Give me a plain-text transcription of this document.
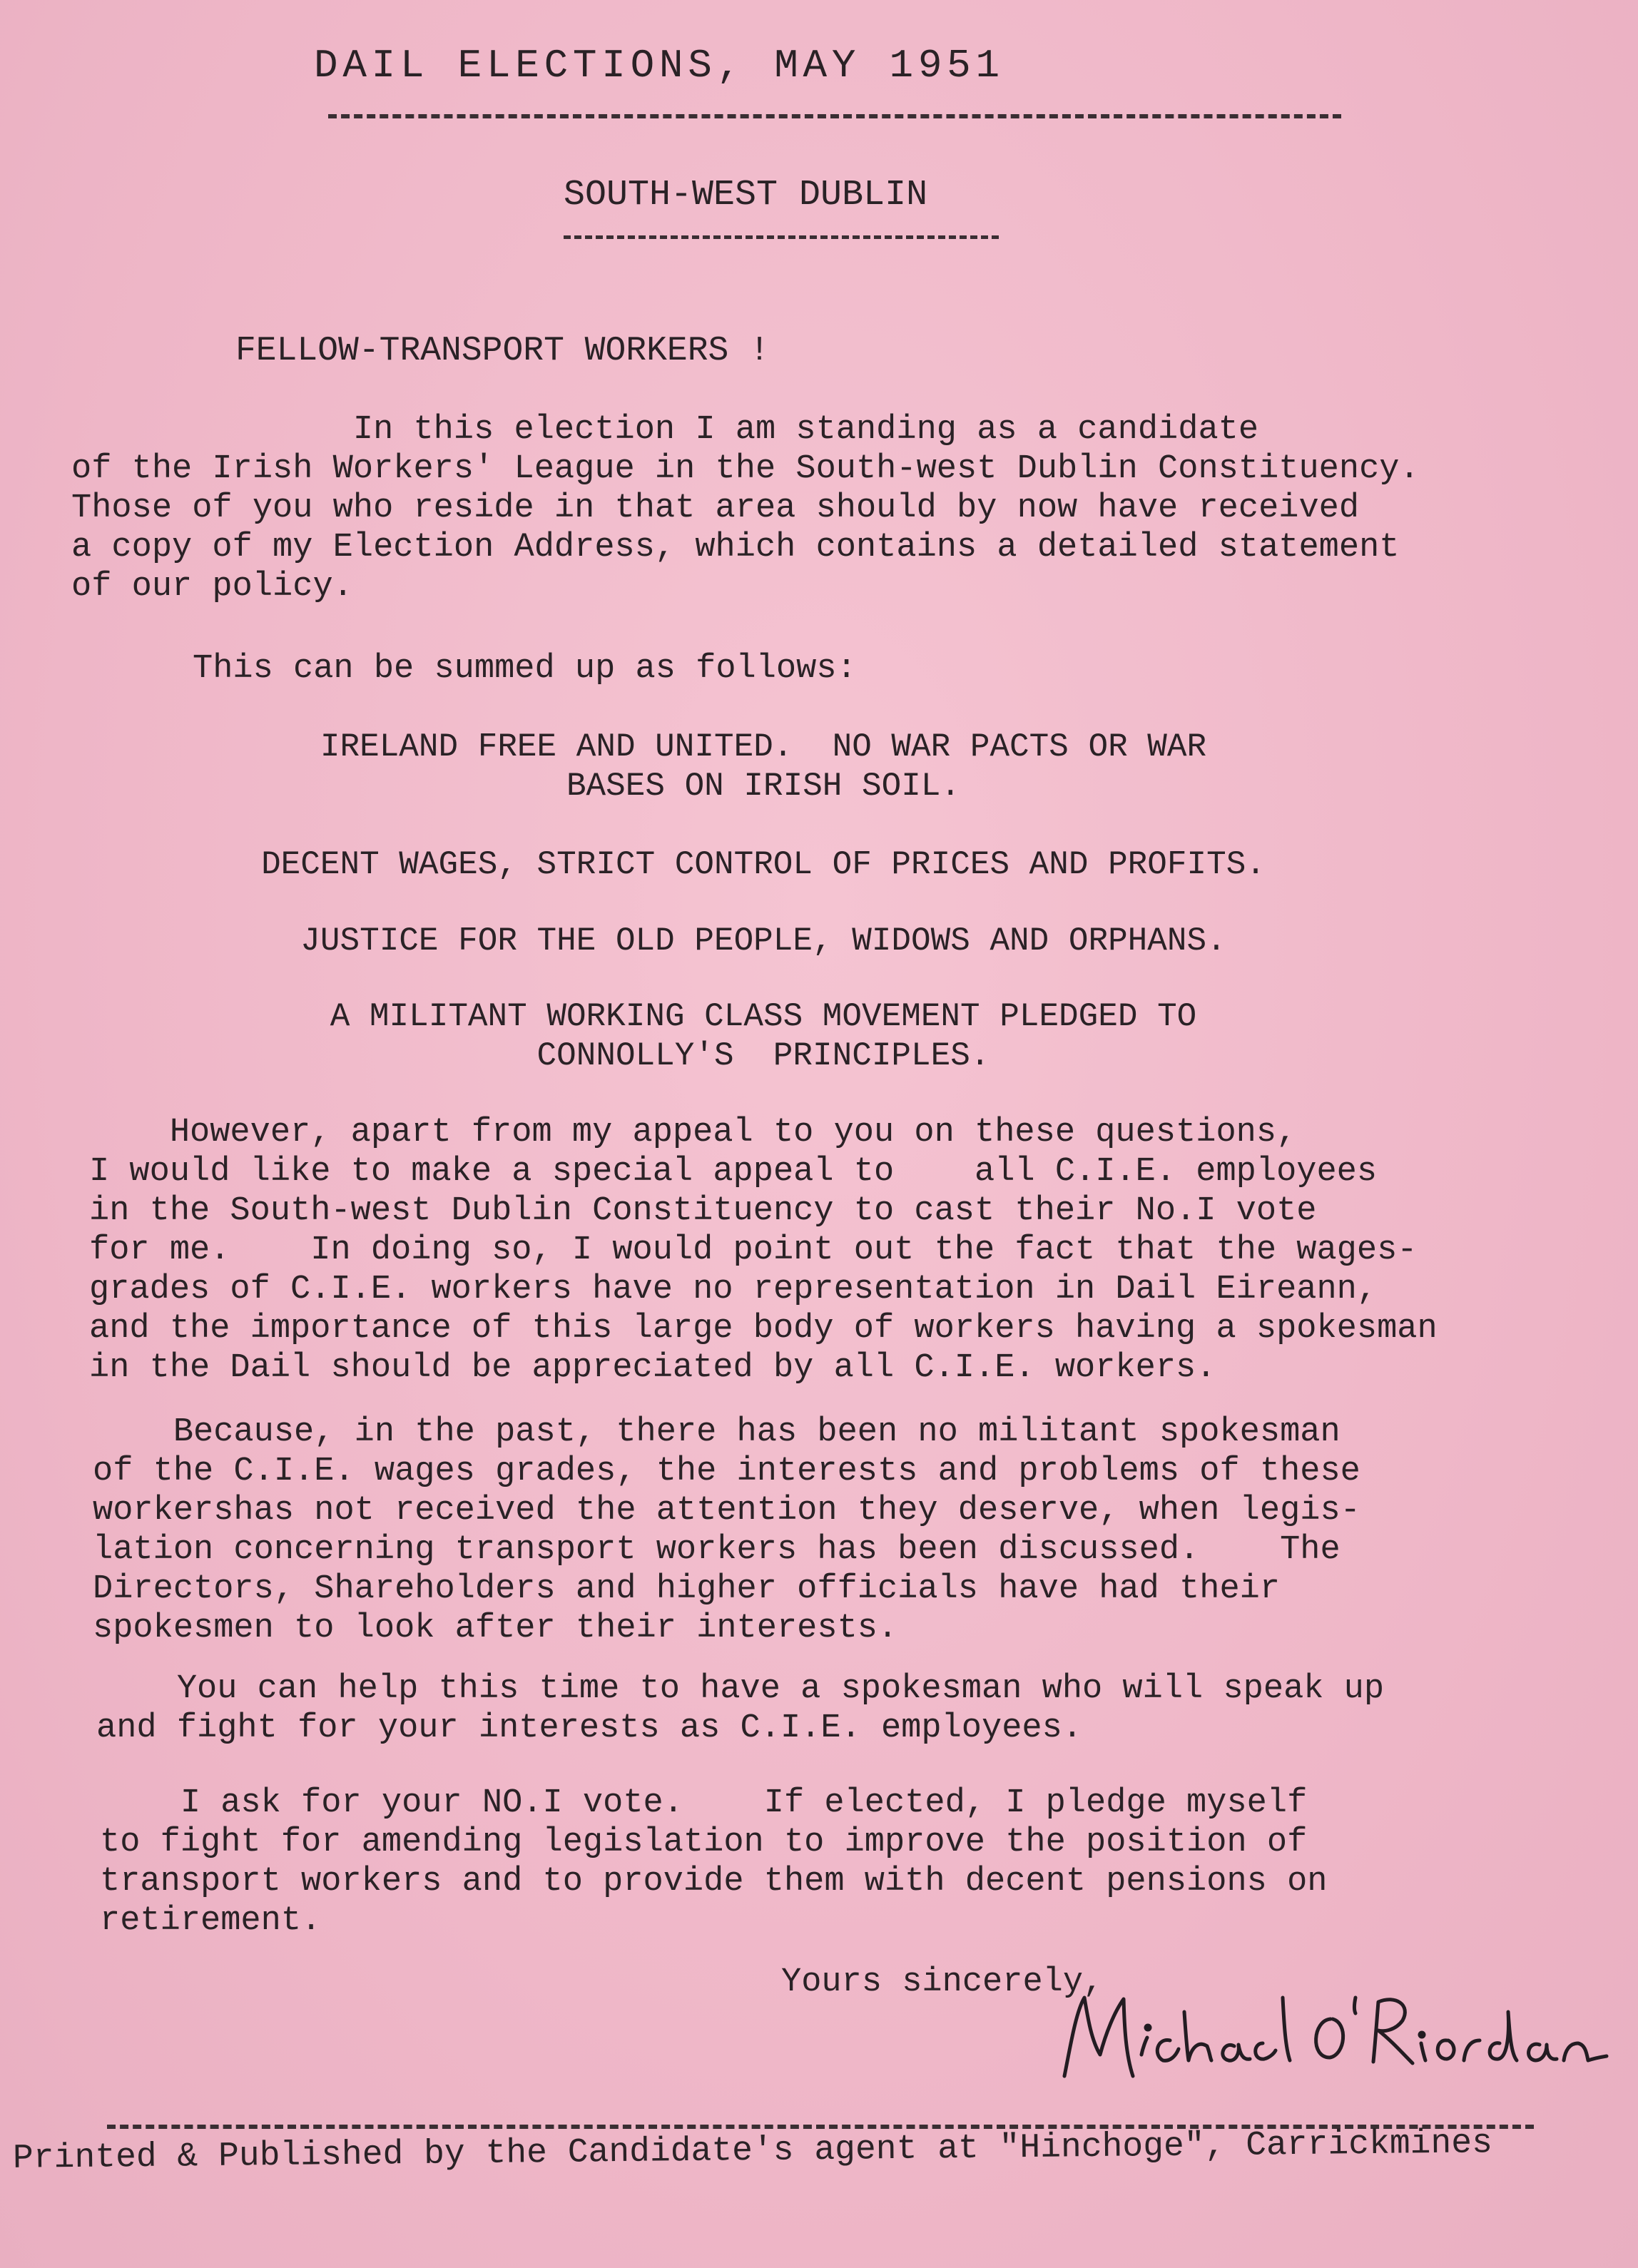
DAIL ELECTIONS, MAY 1951
SOUTH-WEST DUBLIN
FELLOW-TRANSPORT WORKERS !

In this election I am standing as a candidate
of the Irish Workers' League in the South-west Dublin Constituency.
Those of you who reside in that area should by now have received
a copy of my Election Address, which contains a detailed statement
of our policy.

This can be summed up as follows:

IRELAND FREE AND UNITED.  NO WAR PACTS OR WAR
BASES ON IRISH SOIL.

DECENT WAGES, STRICT CONTROL OF PRICES AND PROFITS.

JUSTICE FOR THE OLD PEOPLE, WIDOWS AND ORPHANS.

A MILITANT WORKING CLASS MOVEMENT PLEDGED TO
CONNOLLY'S  PRINCIPLES.

However, apart from my appeal to you on these questions,
I would like to make a special appeal to    all C.I.E. employees
in the South-west Dublin Constituency to cast their No.I vote
for me.    In doing so, I would point out the fact that the wages-
grades of C.I.E. workers have no representation in Dail Eireann,
and the importance of this large body of workers having a spokesman
in the Dail should be appreciated by all C.I.E. workers.

Because, in the past, there has been no militant spokesman
of the C.I.E. wages grades, the interests and problems of these
workershas not received the attention they deserve, when legis-
lation concerning transport workers has been discussed.    The
Directors, Shareholders and higher officials have had their
spokesmen to look after their interests.

You can help this time to have a spokesman who will speak up
and fight for your interests as C.I.E. employees.

I ask for your NO.I vote.    If elected, I pledge myself
to fight for amending legislation to improve the position of
transport workers and to provide them with decent pensions on
retirement.

Yours sincerely,
Printed & Published by the Candidate's agent at "Hinchoge", Carrickmines
